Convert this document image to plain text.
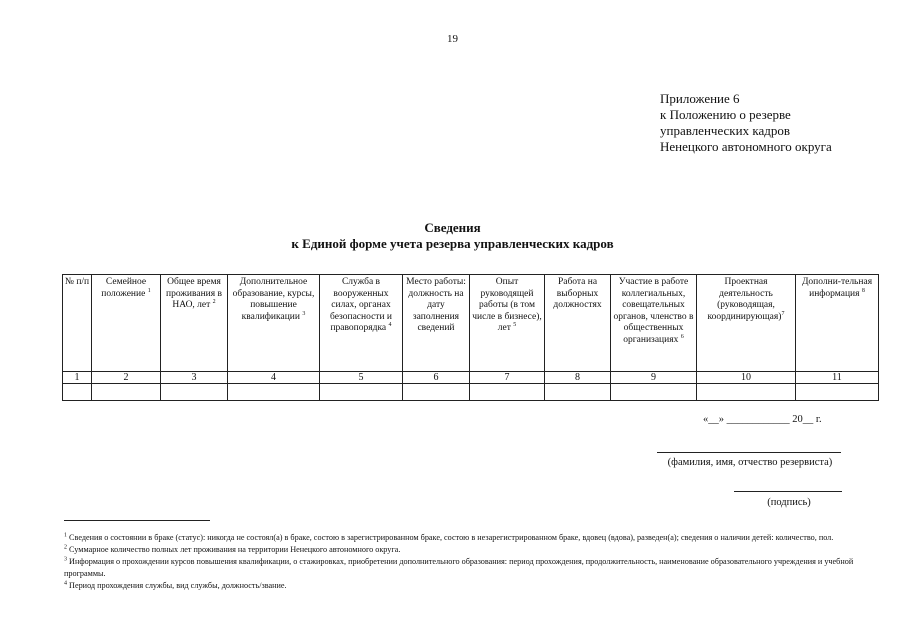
19
Приложение 6
к Положению о резерве
управленческих кадров
Ненецкого автономного округа
Сведения
к Единой форме учета резерва управленческих кадров
№ п/п	Семейное положение $^1$	Общее время проживания в НАО, лет $^2$	Дополнительное образование, курсы, повышение квалификации $^3$	Служба в вооруженных силах, органах безопасности и правопорядка $^4$	Место работы: должность на дату заполнения сведений	Опыт руководящей работы (в том числе в бизнесе), лет $^5$	Работа на выборных должностях	Участие в работе коллегиальных, совещательных органов, членство в общественных организациях $^6$	Проектная деятельность (руководящая, координирующая)$^7$	Дополни-тельная информация $^8$
1	2	3	4	5	6	7	8	9	10	11

«__» ____________ 20__ г.
(фамилия, имя, отчество резервиста)
(подпись)

$^1$ Сведения о состоянии в браке (статус): никогда не состоял(а) в браке, состою в зарегистрированном браке, состою в незарегистрированном браке, вдовец (вдова), разведен(а); сведения о наличии детей: количество, пол.

$^2$ Суммарное количество полных лет проживания на территории Ненецкого автономного округа.

$^3$ Информация о прохождении курсов повышения квалификации, о стажировках, приобретении дополнительного образования: период прохождения, продолжительность, наименование образовательного учреждения и учебной программы.

$^4$ Период прохождения службы, вид службы, должность/звание.
